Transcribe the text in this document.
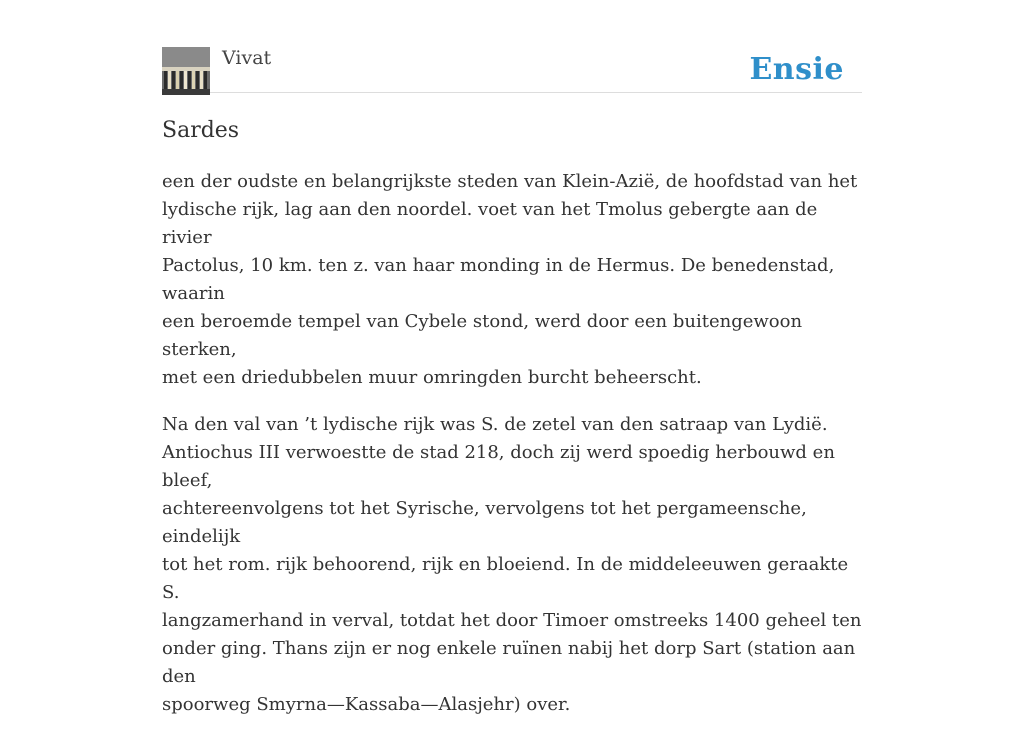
Vivat	Ensie
Sardes

een der oudste en belangrijkste steden van Klein-Azië, de hoofdstad van het
lydische rijk, lag aan den noordel. voet van het Tmolus gebergte aan de rivier
Pactolus, 10 km. ten z. van haar monding in de Hermus. De benedenstad, waarin
een beroemde tempel van Cybele stond, werd door een buitengewoon sterken,
met een driedubbelen muur omringden burcht beheerscht.

Na den val van ’t lydische rijk was S. de zetel van den satraap van Lydië.
Antiochus III verwoestte de stad 218, doch zij werd spoedig herbouwd en bleef,
achtereenvolgens tot het Syrische, vervolgens tot het pergameensche, eindelijk
tot het rom. rijk behoorend, rijk en bloeiend. In de middeleeuwen geraakte S.
langzamerhand in verval, totdat het door Timoer omstreeks 1400 geheel ten
onder ging. Thans zijn er nog enkele ruïnen nabij het dorp Sart (station aan den
spoorweg Smyrna—Kassaba—Alasjehr) over.
